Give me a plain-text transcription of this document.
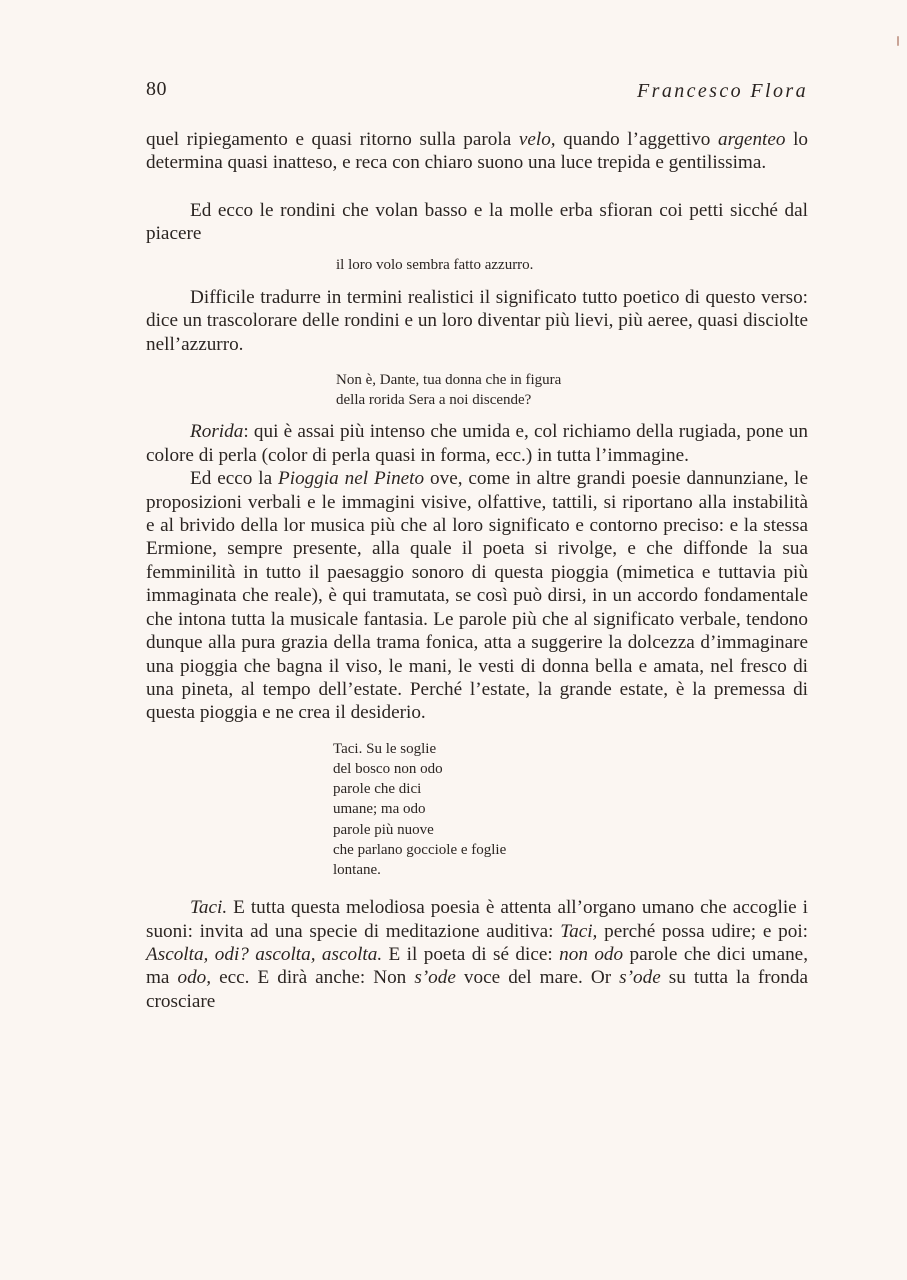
80	Francesco Flora

quel ripiegamento e quasi ritorno sulla parola velo, quando l’aggettivo argenteo lo determina quasi inatteso, e reca con chiaro suono una luce trepida e gentilissima.

Ed ecco le rondini che volan basso e la molle erba sfioran coi petti sicché dal piacere

il loro volo sembra fatto azzurro.

Difficile tradurre in termini realistici il significato tutto poetico di questo verso: dice un trascolorare delle rondini e un loro diventar più lievi, più aeree, quasi disciolte nell’azzurro.

Non è, Dante, tua donna che in figura
della rorida Sera a noi discende?

Rorida: qui è assai più intenso che umida e, col richiamo della rugiada, pone un colore di perla (color di perla quasi in forma, ecc.) in tutta l’immagine.

Ed ecco la Pioggia nel Pineto ove, come in altre grandi poesie dannunziane, le proposizioni verbali e le immagini visive, olfattive, tattili, si riportano alla instabilità e al brivido della lor musica più che al loro significato e contorno preciso: e la stessa Ermione, sempre presente, alla quale il poeta si rivolge, e che diffonde la sua femminilità in tutto il paesaggio sonoro di questa pioggia (mimetica e tuttavia più immaginata che reale), è qui tramutata, se così può dirsi, in un accordo fondamentale che intona tutta la musicale fantasia. Le parole più che al significato verbale, tendono dunque alla pura grazia della trama fonica, atta a suggerire la dolcezza d’immaginare una pioggia che bagna il viso, le mani, le vesti di donna bella e amata, nel fresco di una pineta, al tempo dell’estate. Perché l’estate, la grande estate, è la premessa di questa pioggia e ne crea il desiderio.

Taci. Su le soglie
del bosco non odo
parole che dici
umane; ma odo
parole più nuove
che parlano gocciole e foglie
lontane.

Taci. E tutta questa melodiosa poesia è attenta all’organo umano che accoglie i suoni: invita ad una specie di meditazione auditiva: Taci, perché possa udire; e poi: Ascolta, odi? ascolta, ascolta. E il poeta di sé dice: non odo parole che dici umane, ma odo, ecc. E dirà anche: Non s’ode voce del mare. Or s’ode su tutta la fronda crosciare
